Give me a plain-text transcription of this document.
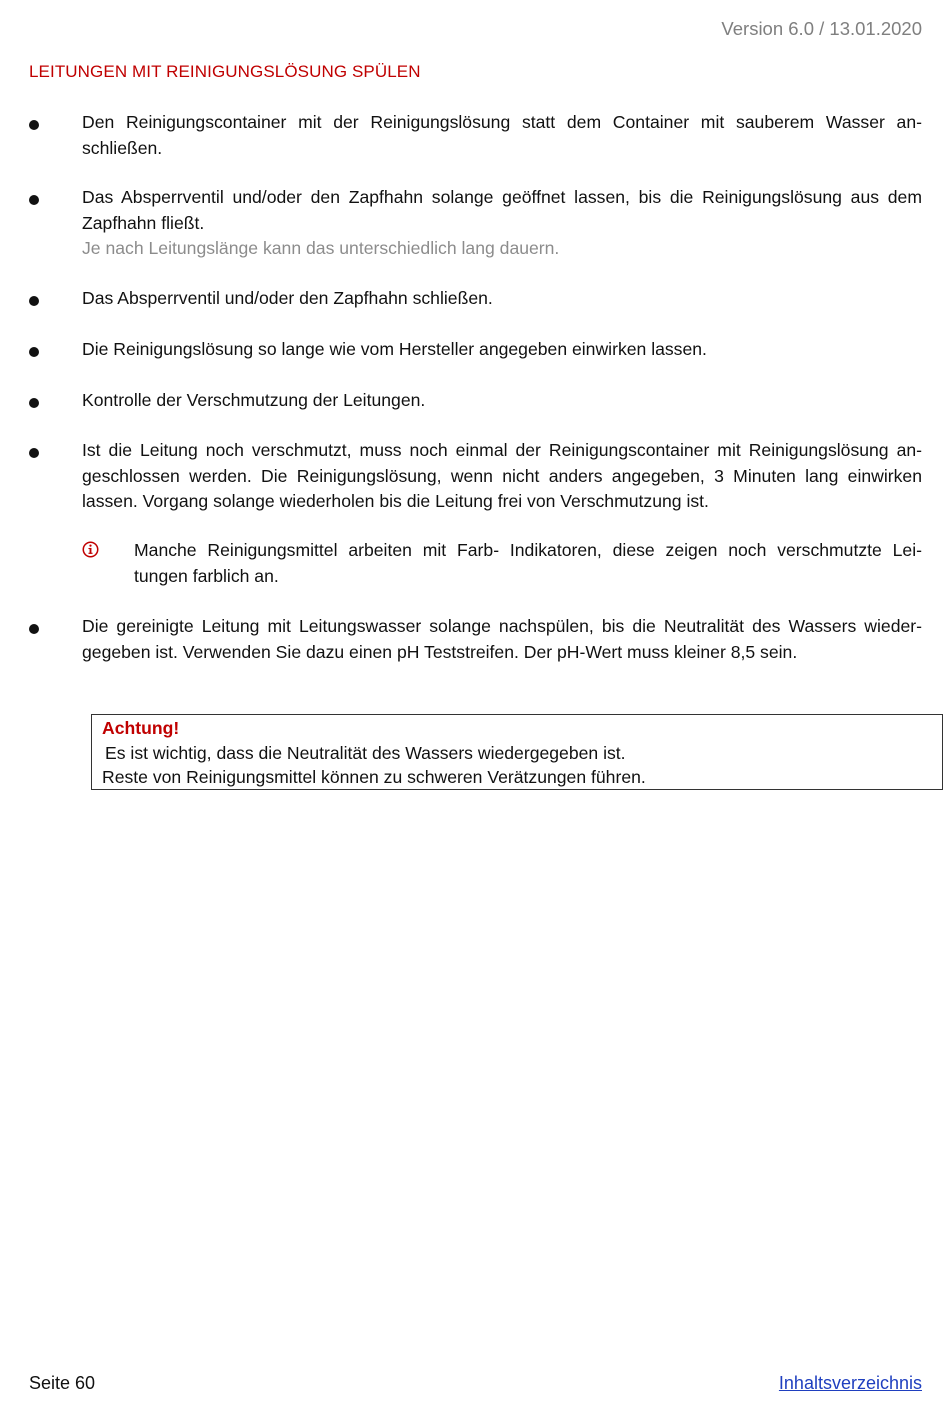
Version 6.0 / 13.01.2020
LEITUNGEN MIT REINIGUNGSLÖSUNG SPÜLEN
Den Reinigungscontainer mit der Reinigungslösung statt dem Container mit sauberem Wasser an-
schließen.
Das Absperrventil und/oder den Zapfhahn solange geöffnet lassen, bis die Reinigungslösung aus dem
Zapfhahn fließt.
Je nach Leitungslänge kann das unterschiedlich lang dauern.
Das Absperrventil und/oder den Zapfhahn schließen.
Die Reinigungslösung so lange wie vom Hersteller angegeben einwirken lassen.
Kontrolle der Verschmutzung der Leitungen.
Ist die Leitung noch verschmutzt, muss noch einmal der Reinigungscontainer mit Reinigungslösung an-
geschlossen werden. Die Reinigungslösung, wenn nicht anders angegeben, 3 Minuten lang einwirken
lassen. Vorgang solange wiederholen bis die Leitung frei von Verschmutzung ist.
Manche Reinigungsmittel arbeiten mit Farb- Indikatoren, diese zeigen noch verschmutzte Lei-
tungen farblich an.
Die gereinigte Leitung mit Leitungswasser solange nachspülen, bis die Neutralität des Wassers wieder-
gegeben ist. Verwenden Sie dazu einen pH Teststreifen. Der pH-Wert muss kleiner 8,5 sein.
Achtung!
Es ist wichtig, dass die Neutralität des Wassers wiedergegeben ist.
Reste von Reinigungsmittel können zu schweren Verätzungen führen.
Seite 60	Inhaltsverzeichnis
